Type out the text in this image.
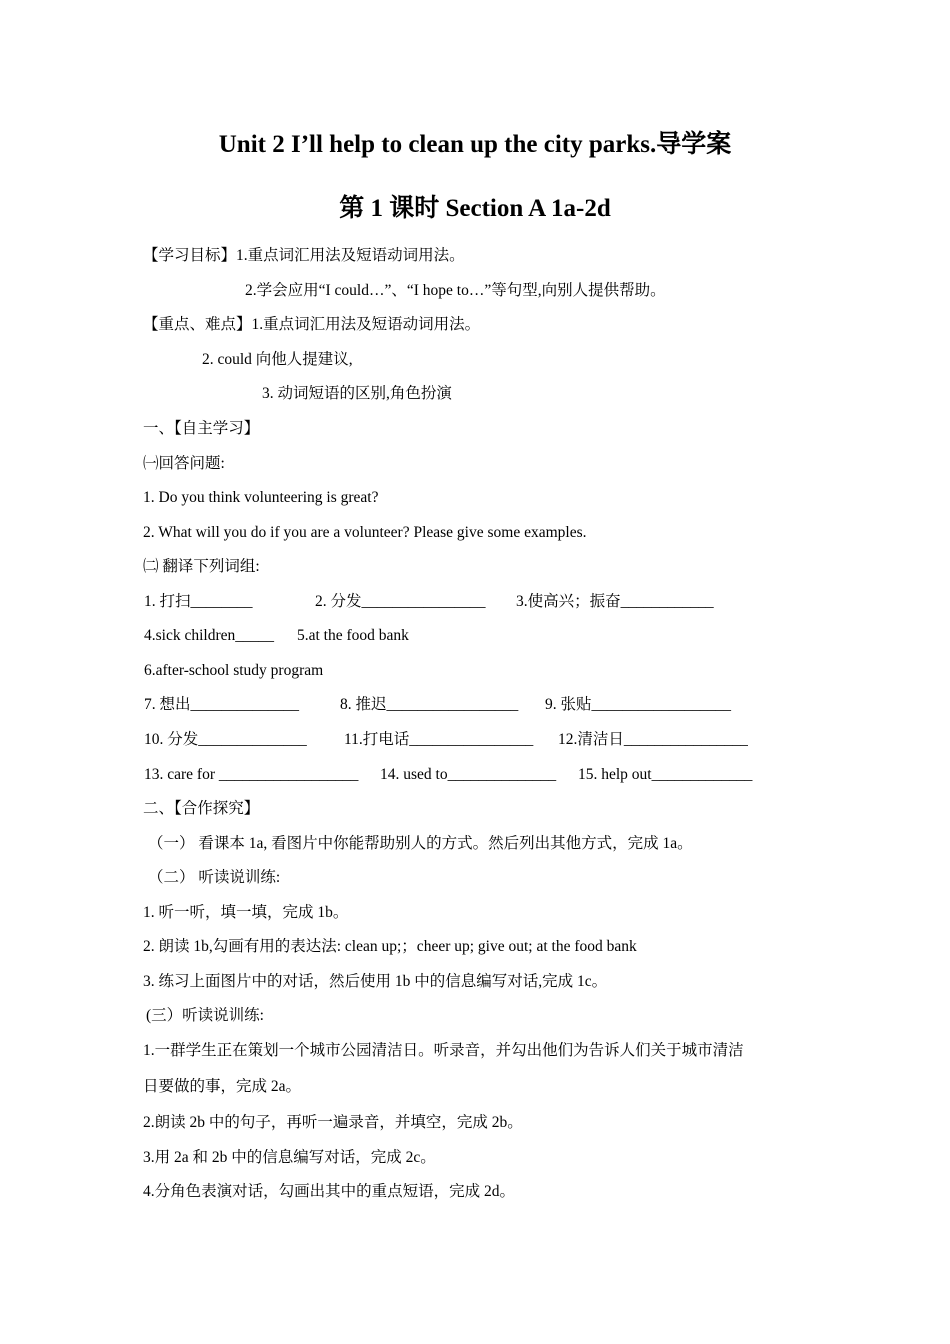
Unit 2 I’ll help to clean up the city parks.导学案
第 1 课时 Section A 1a-2d
【学习目标】1.重点词汇用法及短语动词用法。
2.学会应用“I could…”、“I hope to…”等句型,向别人提供帮助。
【重点、难点】1.重点词汇用法及短语动词用法。
2. could 向他人提建议,
3. 动词短语的区别,角色扮演
一、【自主学习】
㈠回答问题:
1. Do you think volunteering is great?
2. What will you do if you are a volunteer? Please give some examples.
㈡ 翻译下列词组:
1. 打扫________	2. 分发________________ 3.使高兴；振奋____________
4.sick children_____ 5.at the food bank
6.after-school study program
7. 想出______________	8. 推迟_________________ 9. 张贴__________________
10. 分发______________ 11.打电话________________ 12.清洁日________________
13. care for __________________ 14. used to______________ 15. help out_____________
二、【合作探究】
（一） 看课本 1a, 看图片中你能帮助别人的方式。然后列出其他方式，完成 1a。
（二） 听读说训练:
1. 听一听，填一填，完成 1b。
2. 朗读 1b,勾画有用的表达法: clean up;；cheer up; give out; at the food bank
3. 练习上面图片中的对话，然后使用 1b 中的信息编写对话,完成 1c。
(三）听读说训练:
1.一群学生正在策划一个城市公园清洁日。听录音，并勾出他们为告诉人们关于城市清洁
日要做的事，完成 2a。
2.朗读 2b 中的句子，再听一遍录音，并填空，完成 2b。
3.用 2a 和 2b 中的信息编写对话，完成 2c。
4.分角色表演对话，勾画出其中的重点短语，完成 2d。
